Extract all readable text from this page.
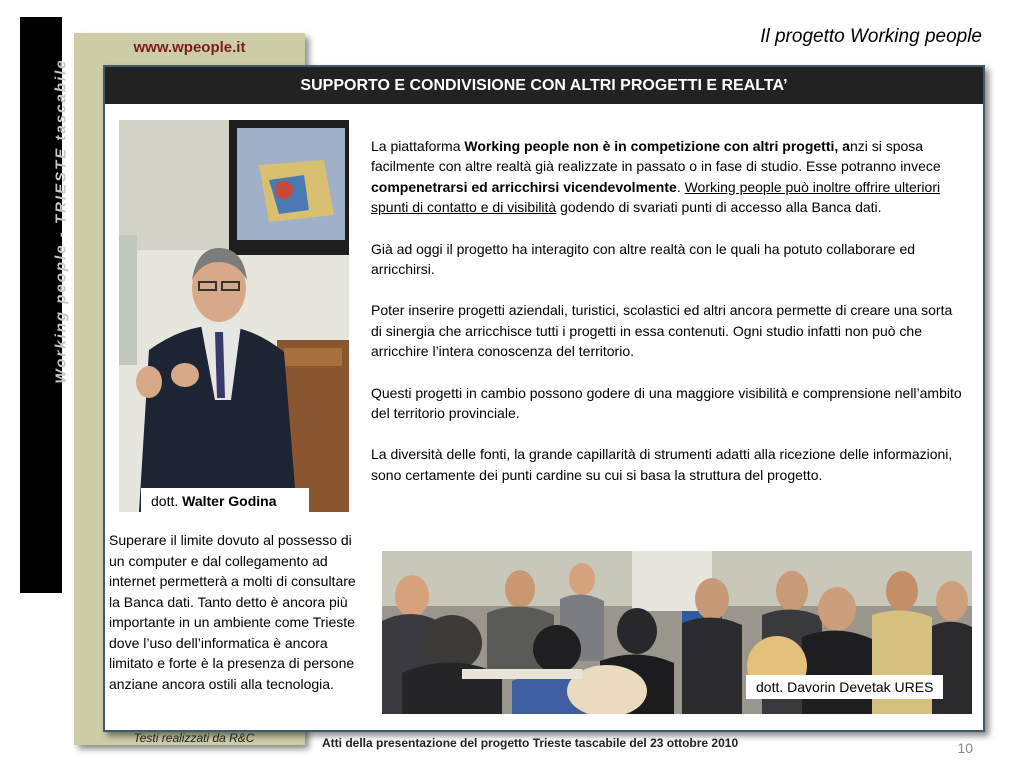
Working people - TRIESTE tascabile
www.wpeople.it
Il progetto Working people
SUPPORTO E CONDIVISIONE CON ALTRI PROGETTI E REALTA’
dott. Walter Godina

La piattaforma Working people non è in competizione con altri progetti, anzi si sposa facilmente con altre realtà già realizzate in passato o in fase di studio. Esse potranno invece compenetrarsi ed arricchirsi vicendevolmente. Working people può inoltre offrire ulteriori spunti di contatto e di visibilità godendo di svariati punti di accesso alla Banca dati.

Già ad oggi il progetto ha interagito con altre realtà con le quali ha potuto collaborare ed arricchirsi.

Poter inserire progetti aziendali, turistici, scolastici ed altri ancora permette di creare una sorta di sinergia che arricchisce tutti i progetti in essa contenuti. Ogni studio infatti non può che arricchire l’intera conoscenza del territorio.

Questi progetti in cambio possono godere di una maggiore visibilità e comprensione nell’ambito del territorio provinciale.

La diversità delle fonti, la grande capillarità di strumenti adatti alla ricezione delle informazioni, sono certamente dei punti cardine su cui si basa la struttura del progetto.

dott. Davorin Devetak URES
Superare il limite dovuto al possesso di un computer e dal collegamento ad internet permetterà a molti di consultare la Banca dati. Tanto detto è ancora più importante in un ambiente come Trieste dove l’uso dell’informatica è ancora limitato e forte è la presenza di persone anziane ancora ostili alla tecnologia.
Testi realizzati da R&C	Atti della presentazione del progetto Trieste tascabile del 23 ottobre 2010	10
